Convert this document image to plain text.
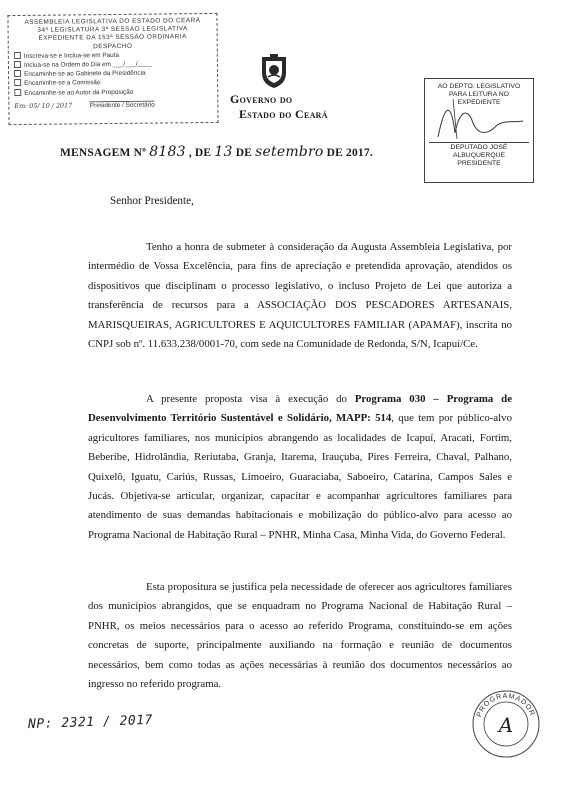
ASSEMBLEIA LEGISLATIVA DO ESTADO DO CEARÁ
34ª LEGISLATURA 3ª SESSÃO LEGISLATIVA
EXPEDIENTE DA 153ª SESSÃO ORDINÁRIA
DESPACHO
Inscreva-se e Inclua-se em Pauta
Inclua-se na Ordem do Dia em ___/___/____
Encaminhe-se ao Gabinete da Presidência
Encaminhe-se a Comissão
Encaminhe-se ao Autor da Proposição
Em: 05/ 10 / 2017	Presidente / Secretário	Governo do
Estado do Ceará
AO DEPTO. LEGISLATIVO
PARA LEITURA NO EXPEDIENTE
DEPUTADO JOSÉ ALBUQUERQUE
PRESIDENTE
MENSAGEM Nº 8183 , DE 13 DE setembro DE 2017.
Senhor Presidente,

Tenho a honra de submeter à consideração da Augusta Assembleia Legislativa, por intermédio de Vossa Excelência, para fins de apreciação e pretendida aprovação, atendidos os dispositivos que disciplinam o processo legislativo, o incluso Projeto de Lei que autoriza a transferência de recursos para a ASSOCIAÇÃO DOS PESCADORES ARTESANAIS, MARISQUEIRAS, AGRICULTORES E AQUICULTORES FAMILIAR (APAMAF), inscrita no CNPJ sob nº. 11.633.238/0001-70, com sede na Comunidade de Redonda, S/N, Icapuí/Ce.

A presente proposta visa à execução do Programa 030 – Programa de Desenvolvimento Território Sustentável e Solidário, MAPP: 514, que tem por público-alvo agricultores familiares, nos municípios abrangendo as localidades de Icapuí, Aracati, Fortim, Beberibe, Hidrolândia, Reriutaba, Granja, Itarema, Irauçuba, Pires Ferreira, Chaval, Palhano, Quixelô, Iguatu, Cariús, Russas, Limoeiro, Guaraciaba, Saboeiro, Catarina, Campos Sales e Jucás. Objetiva-se articular, organizar, capacitar e acompanhar agricultores familiares para atendimento de suas demandas habitacionais e mobilização do público-alvo para acesso ao Programa Nacional de Habitação Rural – PNHR, Minha Casa, Minha Vida, do Governo Federal.

Esta propositura se justifica pela necessidade de oferecer aos agricultores familiares dos municípios abrangidos, que se enquadram no Programa Nacional de Habitação Rural – PNHR, os meios necessários para o acesso ao referido Programa, constituindo-se em ações concretas de suporte, principalmente auxiliando na formação e reunião de documentos necessários, bem como todas as ações necessárias à reunião dos documentos necessários ao ingresso no referido programa.

NP: 2321 / 2017	PROGRAMADOR
A
